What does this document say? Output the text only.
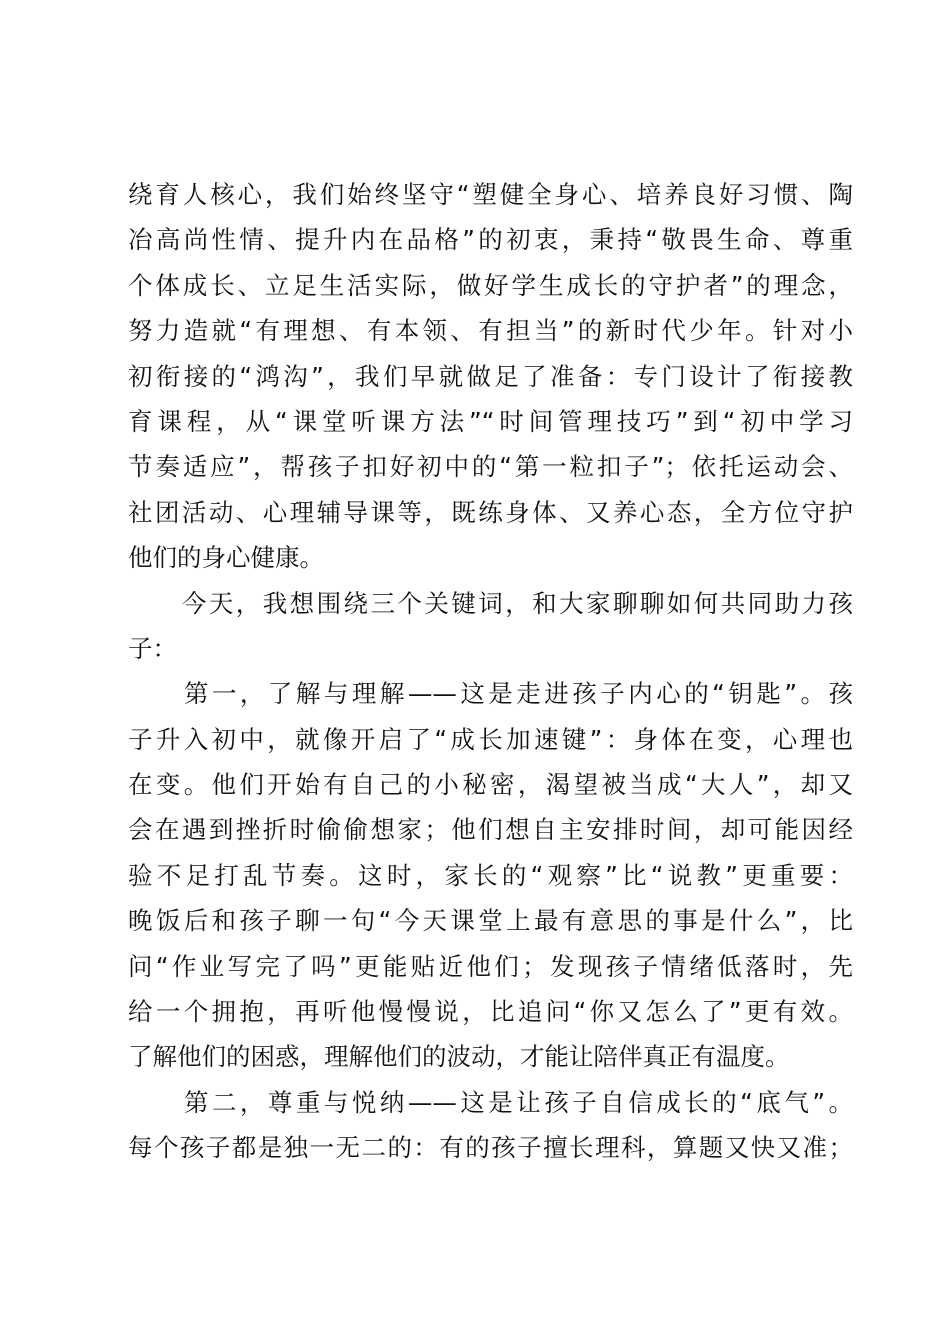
绕育人核心，我们始终坚守“塑健全身心、培养良好习惯、陶
冶高尚性情、提升内在品格”的初衷，秉持“敬畏生命、尊重
个体成长、立足生活实际，做好学生成长的守护者”的理念，
努力造就“有理想、有本领、有担当”的新时代少年。针对小
初衔接的“鸿沟”，我们早就做足了准备：专门设计了衔接教
育课程，从“课堂听课方法”“时间管理技巧”到“初中学习
节奏适应”，帮孩子扣好初中的“第一粒扣子”；依托运动会、
社团活动、心理辅导课等，既练身体、又养心态，全方位守护
他们的身心健康。
　　今天，我想围绕三个关键词，和大家聊聊如何共同助力孩
子：
　　第一，了解与理解——这是走进孩子内心的“钥匙”。孩
子升入初中，就像开启了“成长加速键”：身体在变，心理也
在变。他们开始有自己的小秘密，渴望被当成“大人”，却又
会在遇到挫折时偷偷想家；他们想自主安排时间，却可能因经
验不足打乱节奏。这时，家长的“观察”比“说教”更重要：
晚饭后和孩子聊一句“今天课堂上最有意思的事是什么”，比
问“作业写完了吗”更能贴近他们；发现孩子情绪低落时，先
给一个拥抱，再听他慢慢说，比追问“你又怎么了”更有效。
了解他们的困惑，理解他们的波动，才能让陪伴真正有温度。
　　第二，尊重与悦纳——这是让孩子自信成长的“底气”。
每个孩子都是独一无二的：有的孩子擅长理科，算题又快又准；
